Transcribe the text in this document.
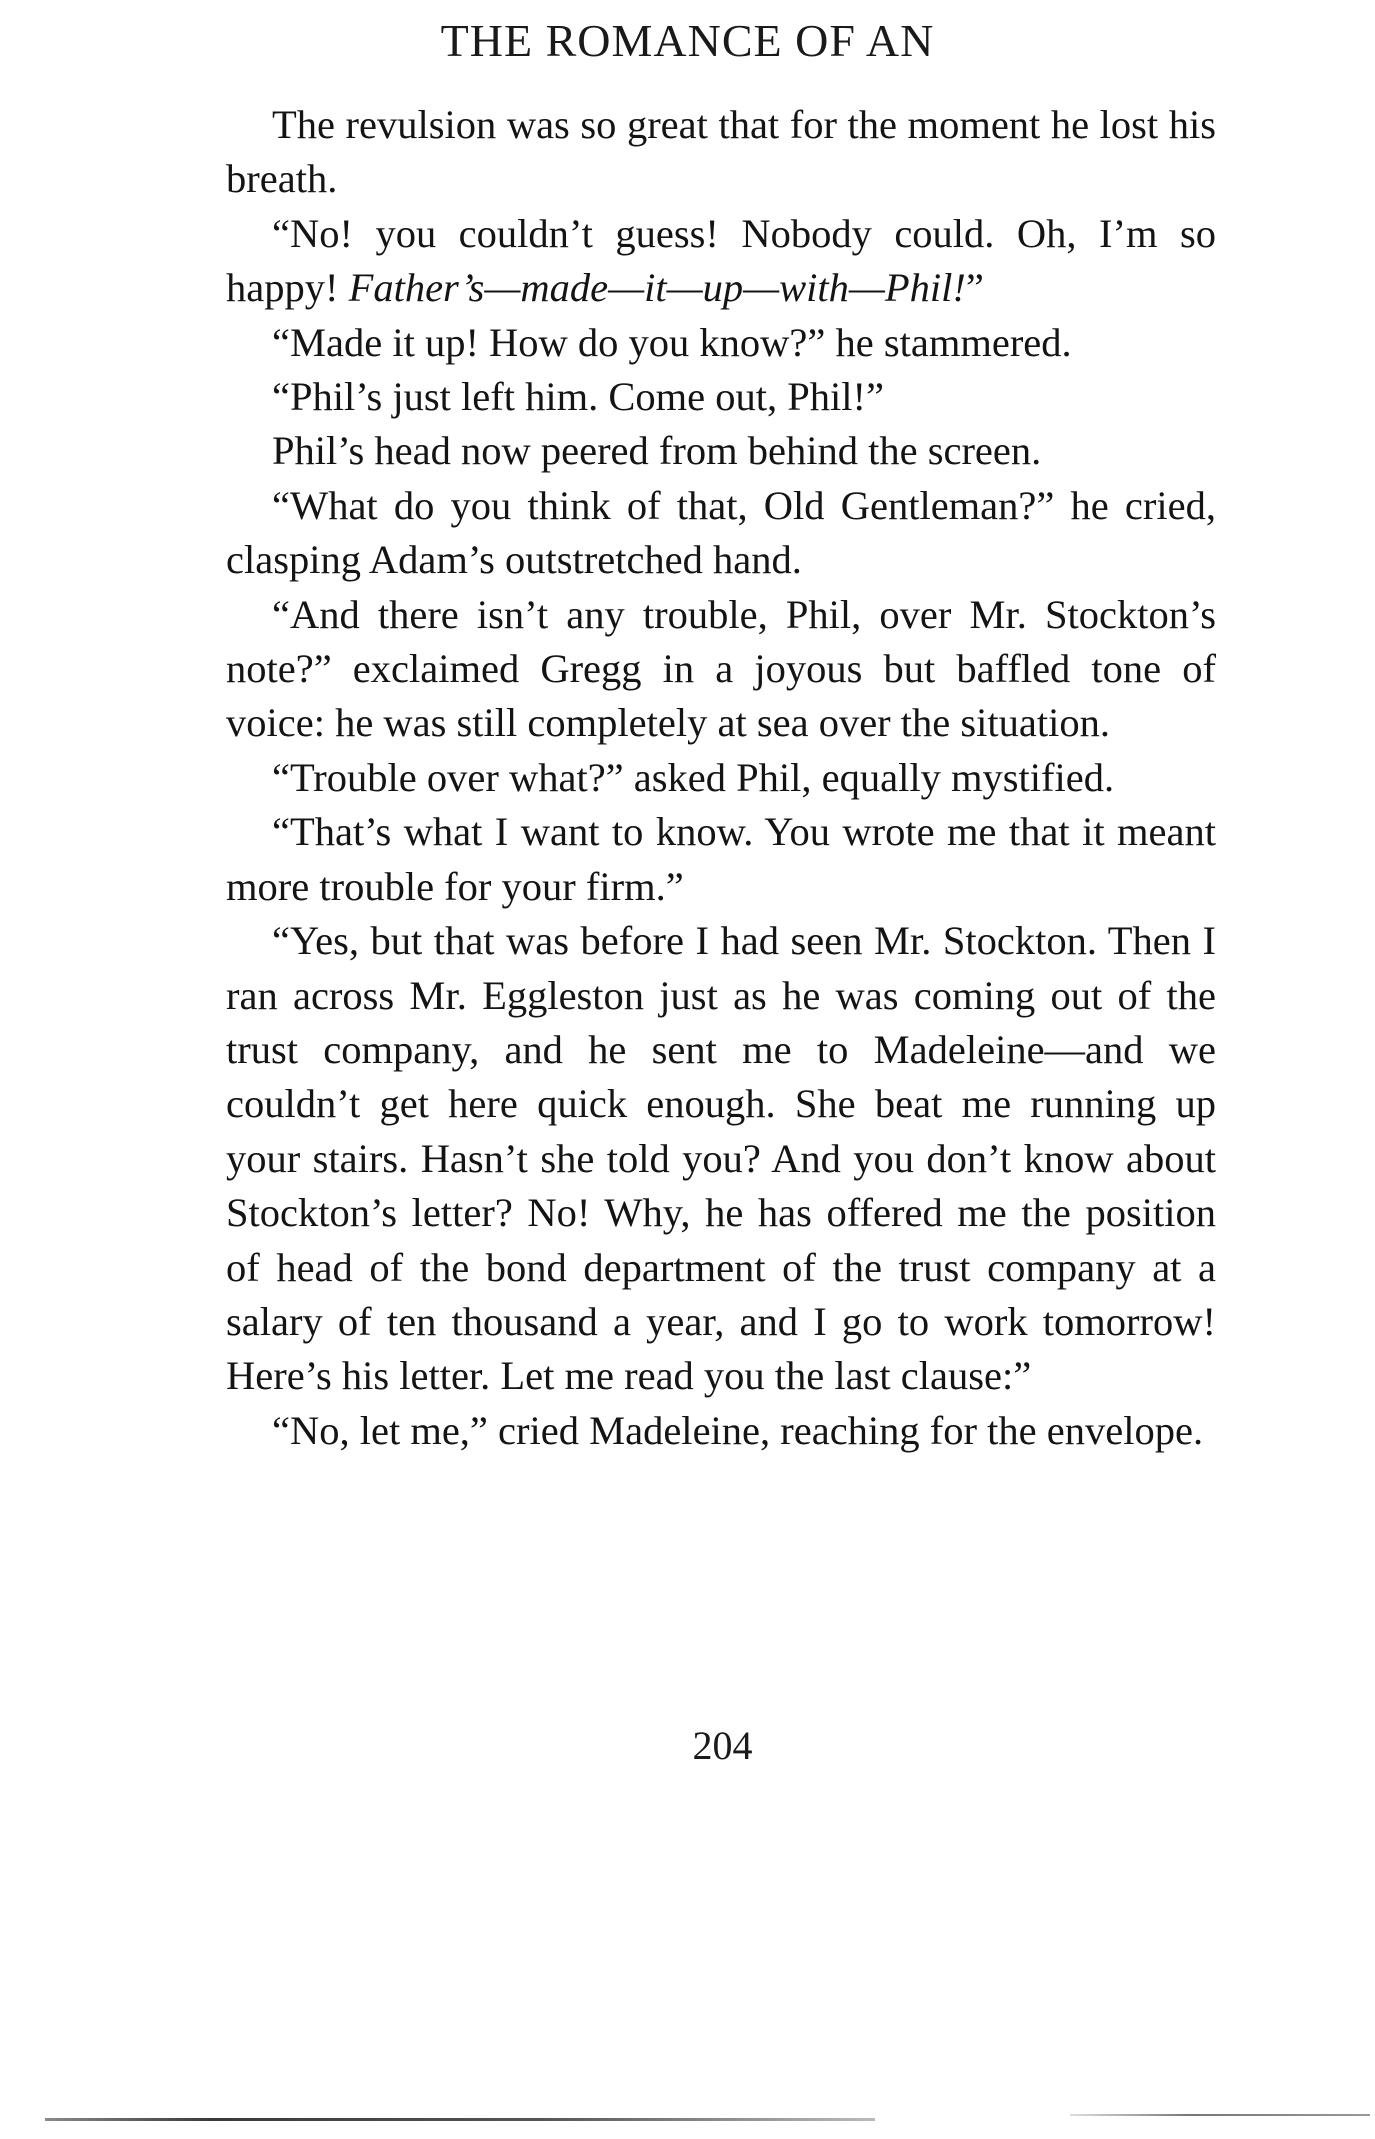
THE ROMANCE OF AN

The revulsion was so great that for the moment he lost his breath.

“No! you couldn’t guess! Nobody could. Oh, I’m so happy! Father’s—made—it—up—with—Phil!”

“Made it up! How do you know?” he stammered.

“Phil’s just left him. Come out, Phil!”

Phil’s head now peered from behind the screen.

“What do you think of that, Old Gentleman?” he cried, clasping Adam’s outstretched hand.

“And there isn’t any trouble, Phil, over Mr. Stockton’s note?” exclaimed Gregg in a joyous but baffled tone of voice: he was still completely at sea over the situation.

“Trouble over what?” asked Phil, equally mystified.

“That’s what I want to know. You wrote me that it meant more trouble for your firm.”

“Yes, but that was before I had seen Mr. Stockton. Then I ran across Mr. Eggleston just as he was coming out of the trust company, and he sent me to Madeleine—and we couldn’t get here quick enough. She beat me running up your stairs. Hasn’t she told you? And you don’t know about Stockton’s letter? No! Why, he has offered me the position of head of the bond department of the trust company at a salary of ten thousand a year, and I go to work tomorrow! Here’s his letter. Let me read you the last clause:”

“No, let me,” cried Madeleine, reaching for the envelope.

204
